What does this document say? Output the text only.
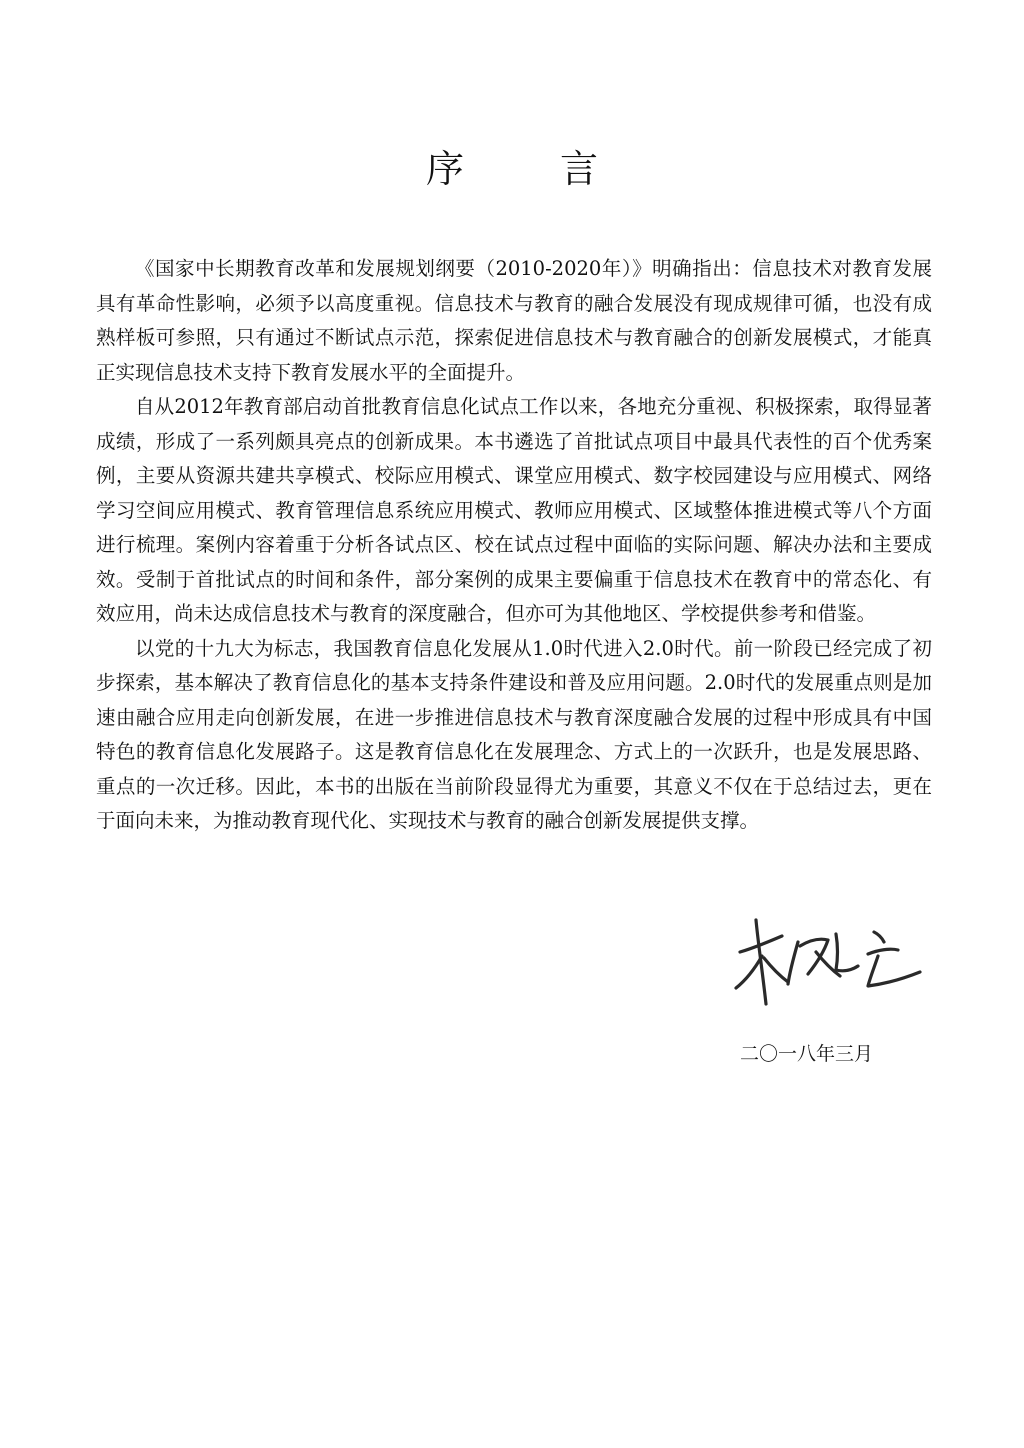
序 言

《国家中长期教育改革和发展规划纲要（2010-2020年）》明确指出：信息技术对教育发展具有革命性影响，必须予以高度重视。信息技术与教育的融合发展没有现成规律可循，也没有成熟样板可参照，只有通过不断试点示范，探索促进信息技术与教育融合的创新发展模式，才能真正实现信息技术支持下教育发展水平的全面提升。

自从2012年教育部启动首批教育信息化试点工作以来，各地充分重视、积极探索，取得显著成绩，形成了一系列颇具亮点的创新成果。本书遴选了首批试点项目中最具代表性的百个优秀案例，主要从资源共建共享模式、校际应用模式、课堂应用模式、数字校园建设与应用模式、网络学习空间应用模式、教育管理信息系统应用模式、教师应用模式、区域整体推进模式等八个方面进行梳理。案例内容着重于分析各试点区、校在试点过程中面临的实际问题、解决办法和主要成效。受制于首批试点的时间和条件，部分案例的成果主要偏重于信息技术在教育中的常态化、有效应用，尚未达成信息技术与教育的深度融合，但亦可为其他地区、学校提供参考和借鉴。

以党的十九大为标志，我国教育信息化发展从1.0时代进入2.0时代。前一阶段已经完成了初步探索，基本解决了教育信息化的基本支持条件建设和普及应用问题。2.0时代的发展重点则是加速由融合应用走向创新发展，在进一步推进信息技术与教育深度融合发展的过程中形成具有中国特色的教育信息化发展路子。这是教育信息化在发展理念、方式上的一次跃升，也是发展思路、重点的一次迁移。因此，本书的出版在当前阶段显得尤为重要，其意义不仅在于总结过去，更在于面向未来，为推动教育现代化、实现技术与教育的融合创新发展提供支撑。

二〇一八年三月
